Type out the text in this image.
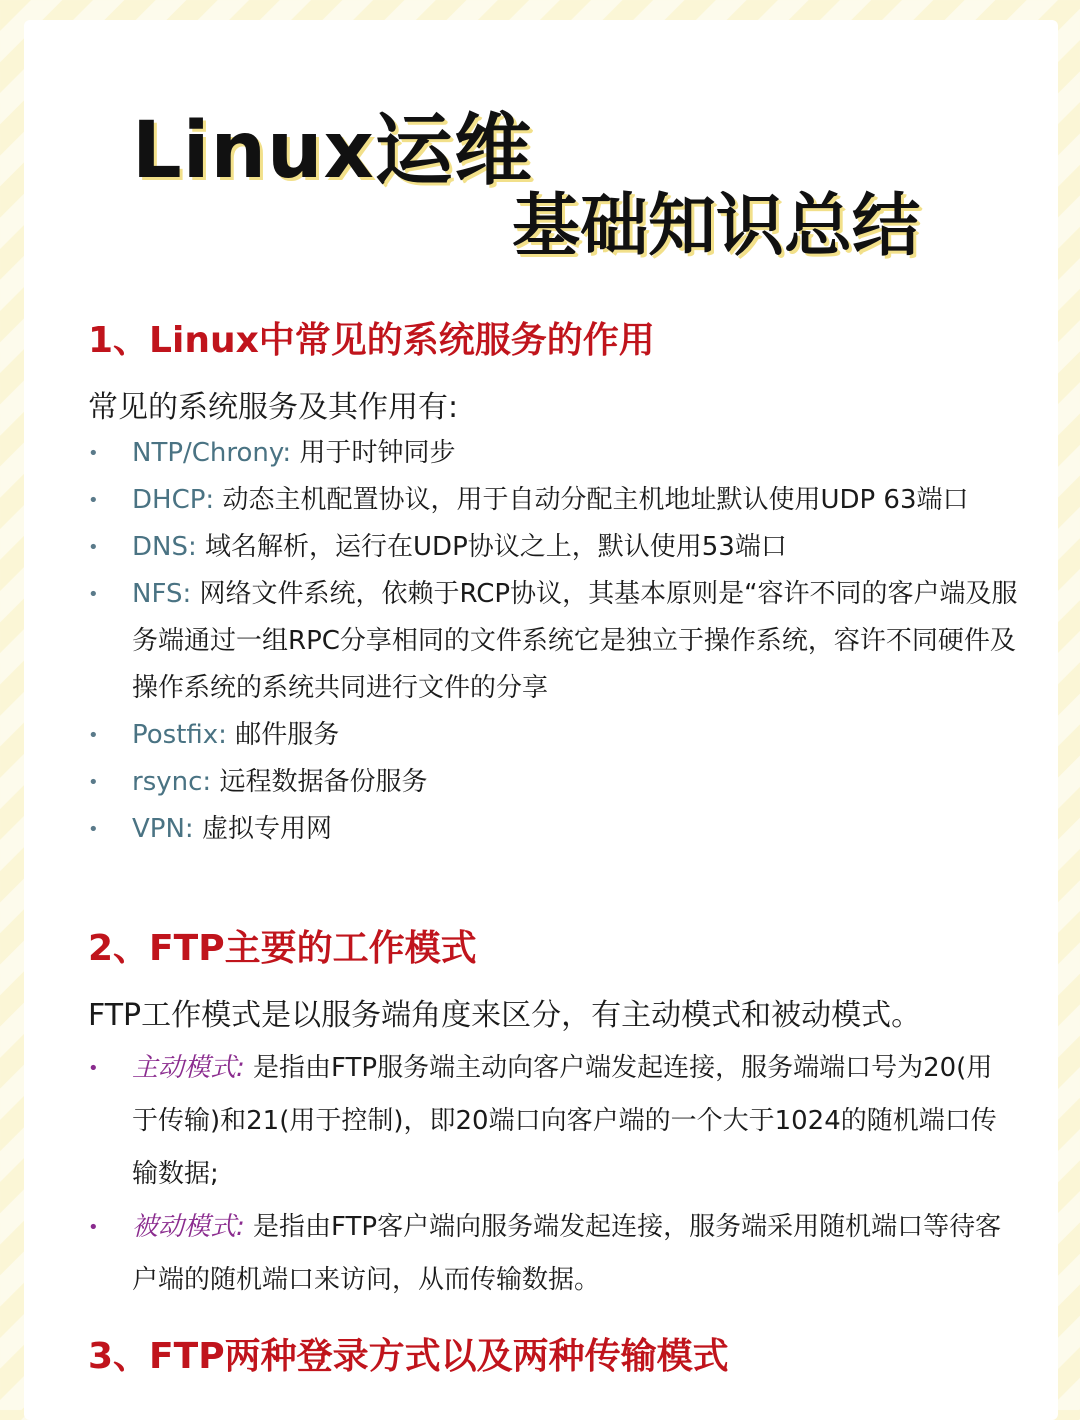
Linux运维
基础知识总结
1、Linux中常见的系统服务的作用

常见的系统服务及其作用有:

• NTP/Chrony: 用于时钟同步
• DHCP: 动态主机配置协议，用于自动分配主机地址默认使用UDP 63端口
• DNS: 域名解析，运行在UDP协议之上，默认使用53端口
• NFS: 网络文件系统，依赖于RCP协议，其基本原则是“容许不同的客户端及服务端通过一组RPC分享相同的文件系统它是独立于操作系统，容许不同硬件及操作系统的系统共同进行文件的分享
• Postfix: 邮件服务
• rsync: 远程数据备份服务
• VPN: 虚拟专用网
2、FTP主要的工作模式

FTP工作模式是以服务端角度来区分，有主动模式和被动模式。

• 主动模式: 是指由FTP服务端主动向客户端发起连接，服务端端口号为20(用于传输)和21(用于控制)，即20端口向客户端的一个大于1024的随机端口传输数据;
• 被动模式: 是指由FTP客户端向服务端发起连接，服务端采用随机端口等待客户端的随机端口来访问，从而传输数据。
3、FTP两种登录方式以及两种传输模式
